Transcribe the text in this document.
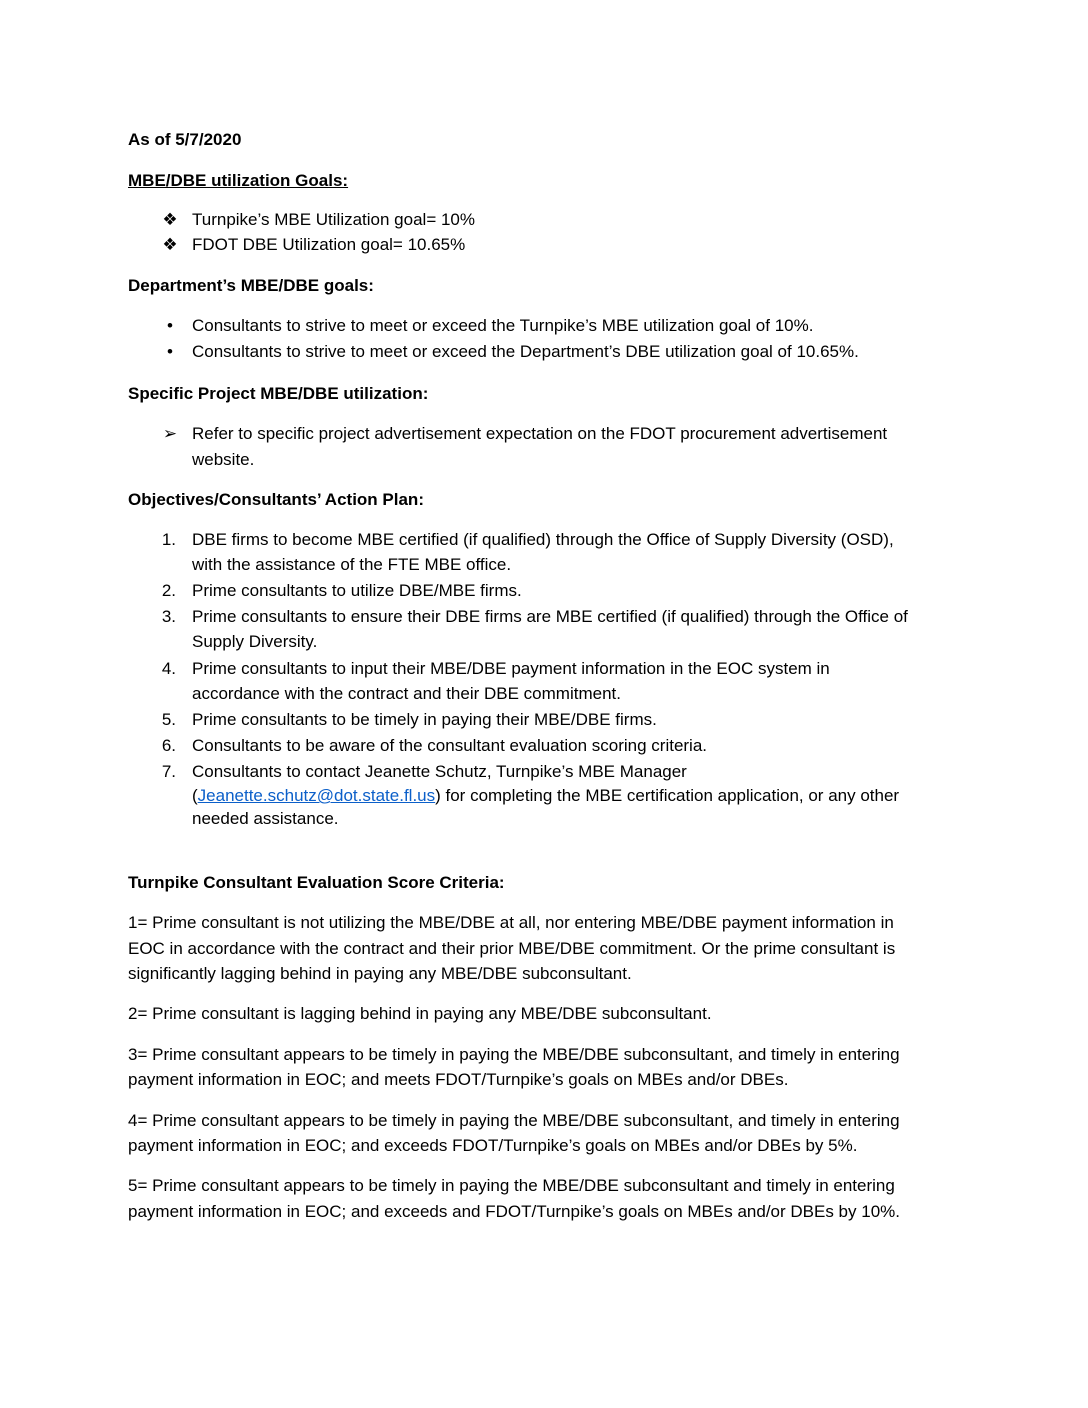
As of 5/7/2020
MBE/DBE utilization Goals:
❖ Turnpike’s MBE Utilization goal= 10%
❖ FDOT DBE Utilization goal= 10.65%
Department’s MBE/DBE goals:
•	Consultants to strive to meet or exceed the Turnpike’s MBE utilization goal of 10%.
•	Consultants to strive to meet or exceed the Department’s DBE utilization goal of 10.65%.
Specific Project MBE/DBE utilization:
➢ Refer to specific project advertisement expectation on the FDOT procurement advertisement
website.
Objectives/Consultants’ Action Plan:
1. DBE firms to become MBE certified (if qualified) through the Office of Supply Diversity (OSD),
with the assistance of the FTE MBE office.
2. Prime consultants to utilize DBE/MBE firms.
3. Prime consultants to ensure their DBE firms are MBE certified (if qualified) through the Office of
Supply Diversity.
4. Prime consultants to input their MBE/DBE payment information in the EOC system in
accordance with the contract and their DBE commitment.
5. Prime consultants to be timely in paying their MBE/DBE firms.
6. Consultants to be aware of the consultant evaluation scoring criteria.
7. Consultants to contact Jeanette Schutz, Turnpike’s MBE Manager
(Jeanette.schutz@dot.state.fl.us) for completing the MBE certification application, or any other
needed assistance.
Turnpike Consultant Evaluation Score Criteria:
1= Prime consultant is not utilizing the MBE/DBE at all, nor entering MBE/DBE payment information in
EOC in accordance with the contract and their prior MBE/DBE commitment. Or the prime consultant is
significantly lagging behind in paying any MBE/DBE subconsultant.
2= Prime consultant is lagging behind in paying any MBE/DBE subconsultant.
3= Prime consultant appears to be timely in paying the MBE/DBE subconsultant, and timely in entering
payment information in EOC; and meets FDOT/Turnpike’s goals on MBEs and/or DBEs.
4= Prime consultant appears to be timely in paying the MBE/DBE subconsultant, and timely in entering
payment information in EOC; and exceeds FDOT/Turnpike’s goals on MBEs and/or DBEs by 5%.
5= Prime consultant appears to be timely in paying the MBE/DBE subconsultant and timely in entering
payment information in EOC; and exceeds and FDOT/Turnpike’s goals on MBEs and/or DBEs by 10%.
